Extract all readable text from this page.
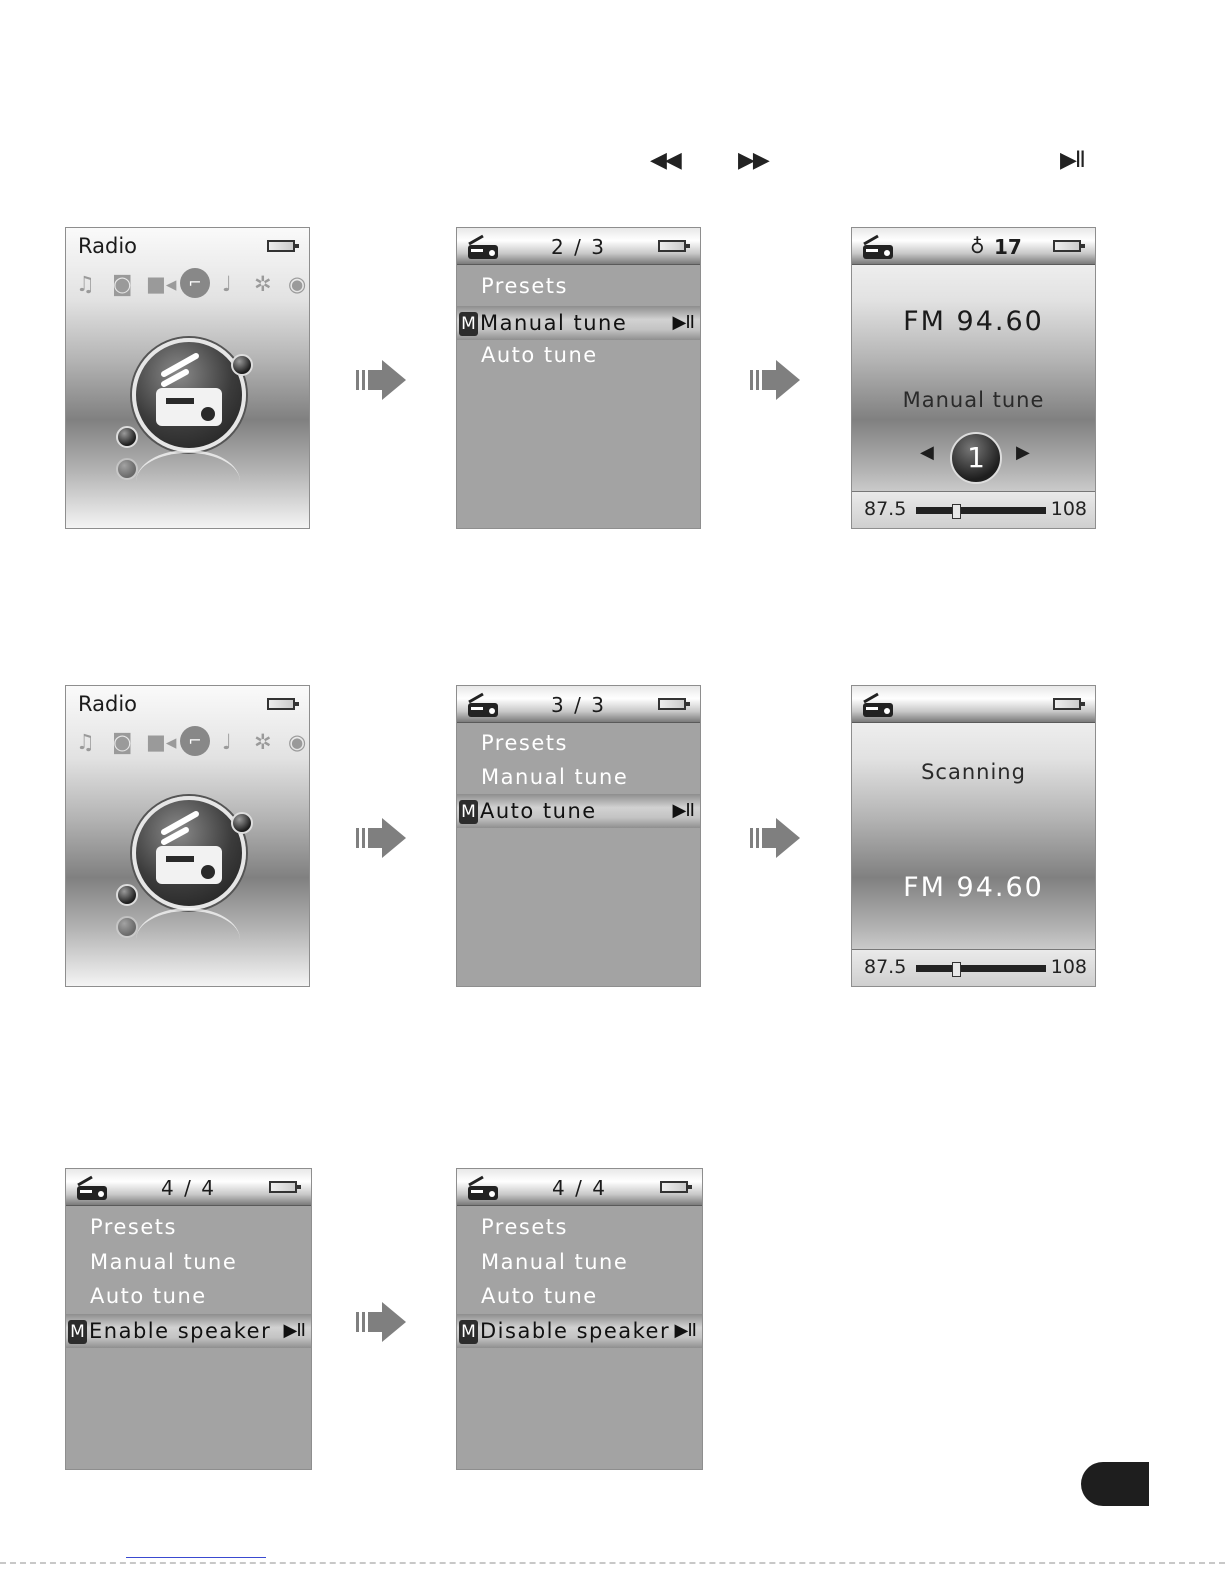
◀◀	▶▶	▶II
Radio
♫ ◙ ■◂ ⌐ ♩ ✲ ◉
2 / 3
Presets
M Manual tune	▶II
Auto tune
♁ 17
FM 94.60
Manual tune
◀	1	▶
87.5	108
Radio
♫ ◙ ■◂ ⌐ ♩ ✲ ◉
3 / 3
Presets
Manual tune
M Auto tune	▶II
Scanning
FM 94.60
87.5	108
4 / 4
Presets
Manual tune
Auto tune
M Enable speaker ▶II
4 / 4
Presets
Manual tune
Auto tune
M Disable speaker ▶II
